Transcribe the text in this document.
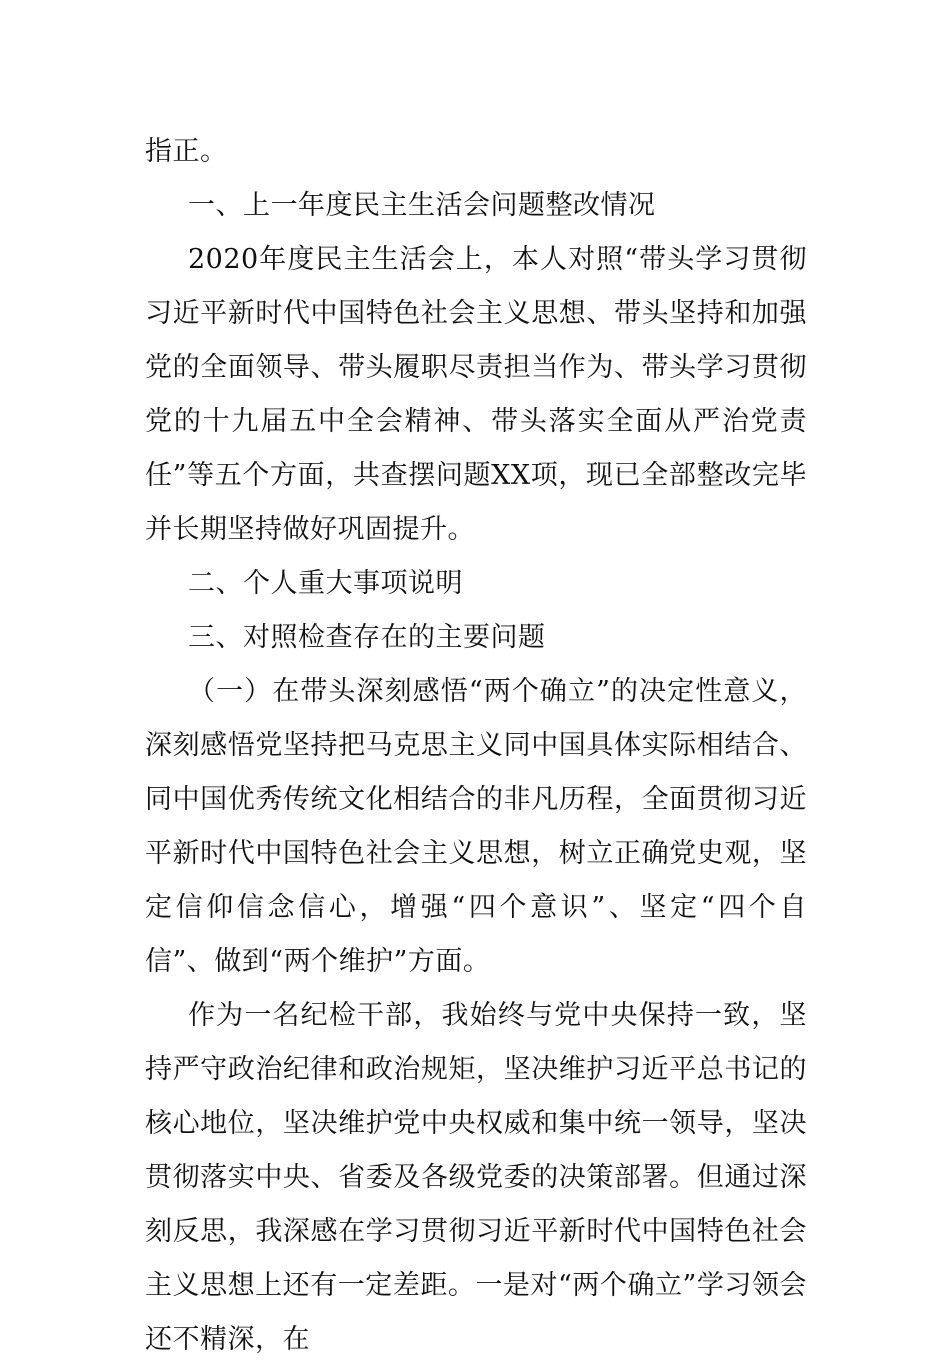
指正。

一、上一年度民主生活会问题整改情况

2020年度民主生活会上，本人对照“带头学习贯彻习近平新时代中国特色社会主义思想、带头坚持和加强党的全面领导、带头履职尽责担当作为、带头学习贯彻党的十九届五中全会精神、带头落实全面从严治党责任”等五个方面，共查摆问题XX项，现已全部整改完毕并长期坚持做好巩固提升。

二、个人重大事项说明

三、对照检查存在的主要问题

（一）在带头深刻感悟“两个确立”的决定性意义，深刻感悟党坚持把马克思主义同中国具体实际相结合、同中国优秀传统文化相结合的非凡历程，全面贯彻习近平新时代中国特色社会主义思想，树立正确党史观，坚定信仰信念信心，增强“四个意识”、坚定“四个自信”、做到“两个维护”方面。

作为一名纪检干部，我始终与党中央保持一致，坚持严守政治纪律和政治规矩，坚决维护习近平总书记的核心地位，坚决维护党中央权威和集中统一领导，坚决贯彻落实中央、省委及各级党委的决策部署。但通过深刻反思，我深感在学习贯彻习近平新时代中国特色社会主义思想上还有一定差距。一是对“两个确立”学习领会还不精深，在
